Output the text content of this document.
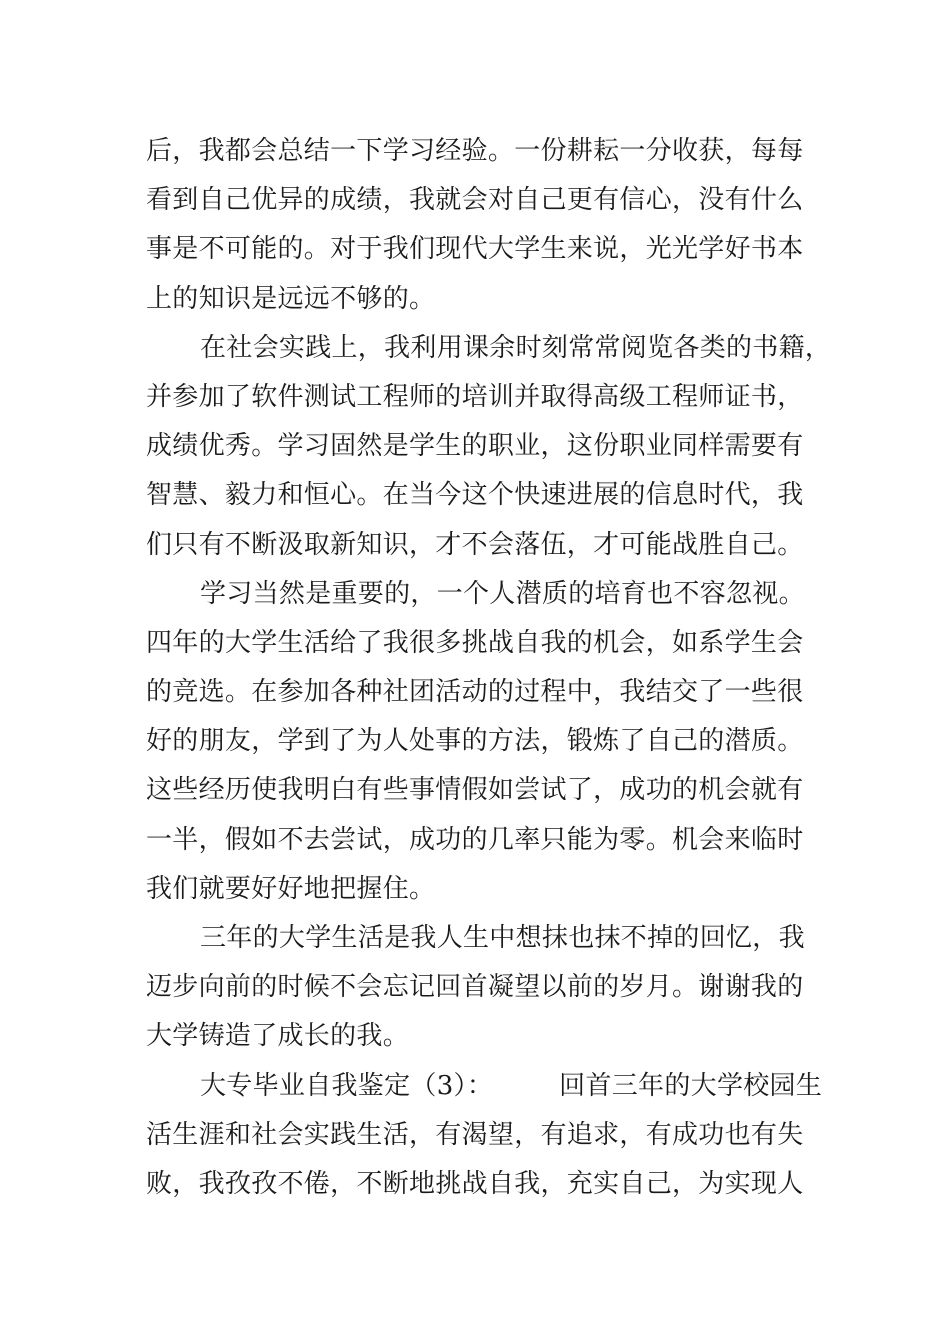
后，我都会总结一下学习经验。一份耕耘一分收获，每每
看到自己优异的成绩，我就会对自己更有信心，没有什么
事是不可能的。对于我们现代大学生来说，光光学好书本
上的知识是远远不够的。
在社会实践上，我利用课余时刻常常阅览各类的书籍，
并参加了软件测试工程师的培训并取得高级工程师证书，
成绩优秀。学习固然是学生的职业，这份职业同样需要有
智慧、毅力和恒心。在当今这个快速进展的信息时代，我
们只有不断汲取新知识，才不会落伍，才可能战胜自己。
学习当然是重要的，一个人潜质的培育也不容忽视。
四年的大学生活给了我很多挑战自我的机会，如系学生会
的竞选。在参加各种社团活动的过程中，我结交了一些很
好的朋友，学到了为人处事的方法，锻炼了自己的潜质。
这些经历使我明白有些事情假如尝试了，成功的机会就有
一半，假如不去尝试，成功的几率只能为零。机会来临时
我们就要好好地把握住。
三年的大学生活是我人生中想抹也抹不掉的回忆，我
迈步向前的时候不会忘记回首凝望以前的岁月。谢谢我的
大学铸造了成长的我。
大专毕业自我鉴定（3）：	回首三年的大学校园生
活生涯和社会实践生活，有渴望，有追求，有成功也有失
败，我孜孜不倦，不断地挑战自我，充实自己，为实现人
